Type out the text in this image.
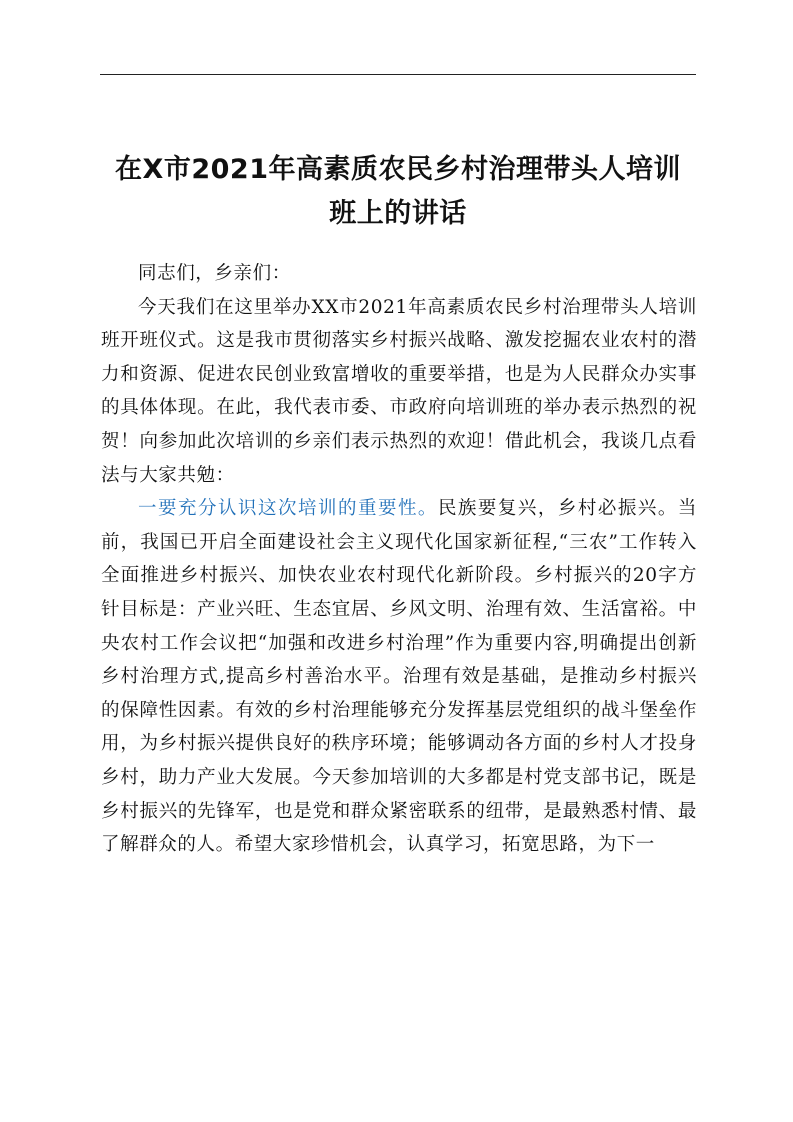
在X市2021年高素质农民乡村治理带头人培训
班上的讲话

同志们，乡亲们：

今天我们在这里举办XX市2021年高素质农民乡村治理带头人培训班开班仪式。这是我市贯彻落实乡村振兴战略、激发挖掘农业农村的潜力和资源、促进农民创业致富增收的重要举措，也是为人民群众办实事的具体体现。在此，我代表市委、市政府向培训班的举办表示热烈的祝贺！向参加此次培训的乡亲们表示热烈的欢迎！借此机会，我谈几点看法与大家共勉：

一要充分认识这次培训的重要性。民族要复兴，乡村必振兴。当前，我国已开启全面建设社会主义现代化国家新征程,“三农”工作转入全面推进乡村振兴、加快农业农村现代化新阶段。乡村振兴的20字方针目标是：产业兴旺、生态宜居、乡风文明、治理有效、生活富裕。中央农村工作会议把“加强和改进乡村治理”作为重要内容,明确提出创新乡村治理方式,提高乡村善治水平。治理有效是基础，是推动乡村振兴的保障性因素。有效的乡村治理能够充分发挥基层党组织的战斗堡垒作用，为乡村振兴提供良好的秩序环境；能够调动各方面的乡村人才投身乡村，助力产业大发展。今天参加培训的大多都是村党支部书记，既是乡村振兴的先锋军，也是党和群众紧密联系的纽带，是最熟悉村情、最了解群众的人。希望大家珍惜机会，认真学习，拓宽思路，为下一
